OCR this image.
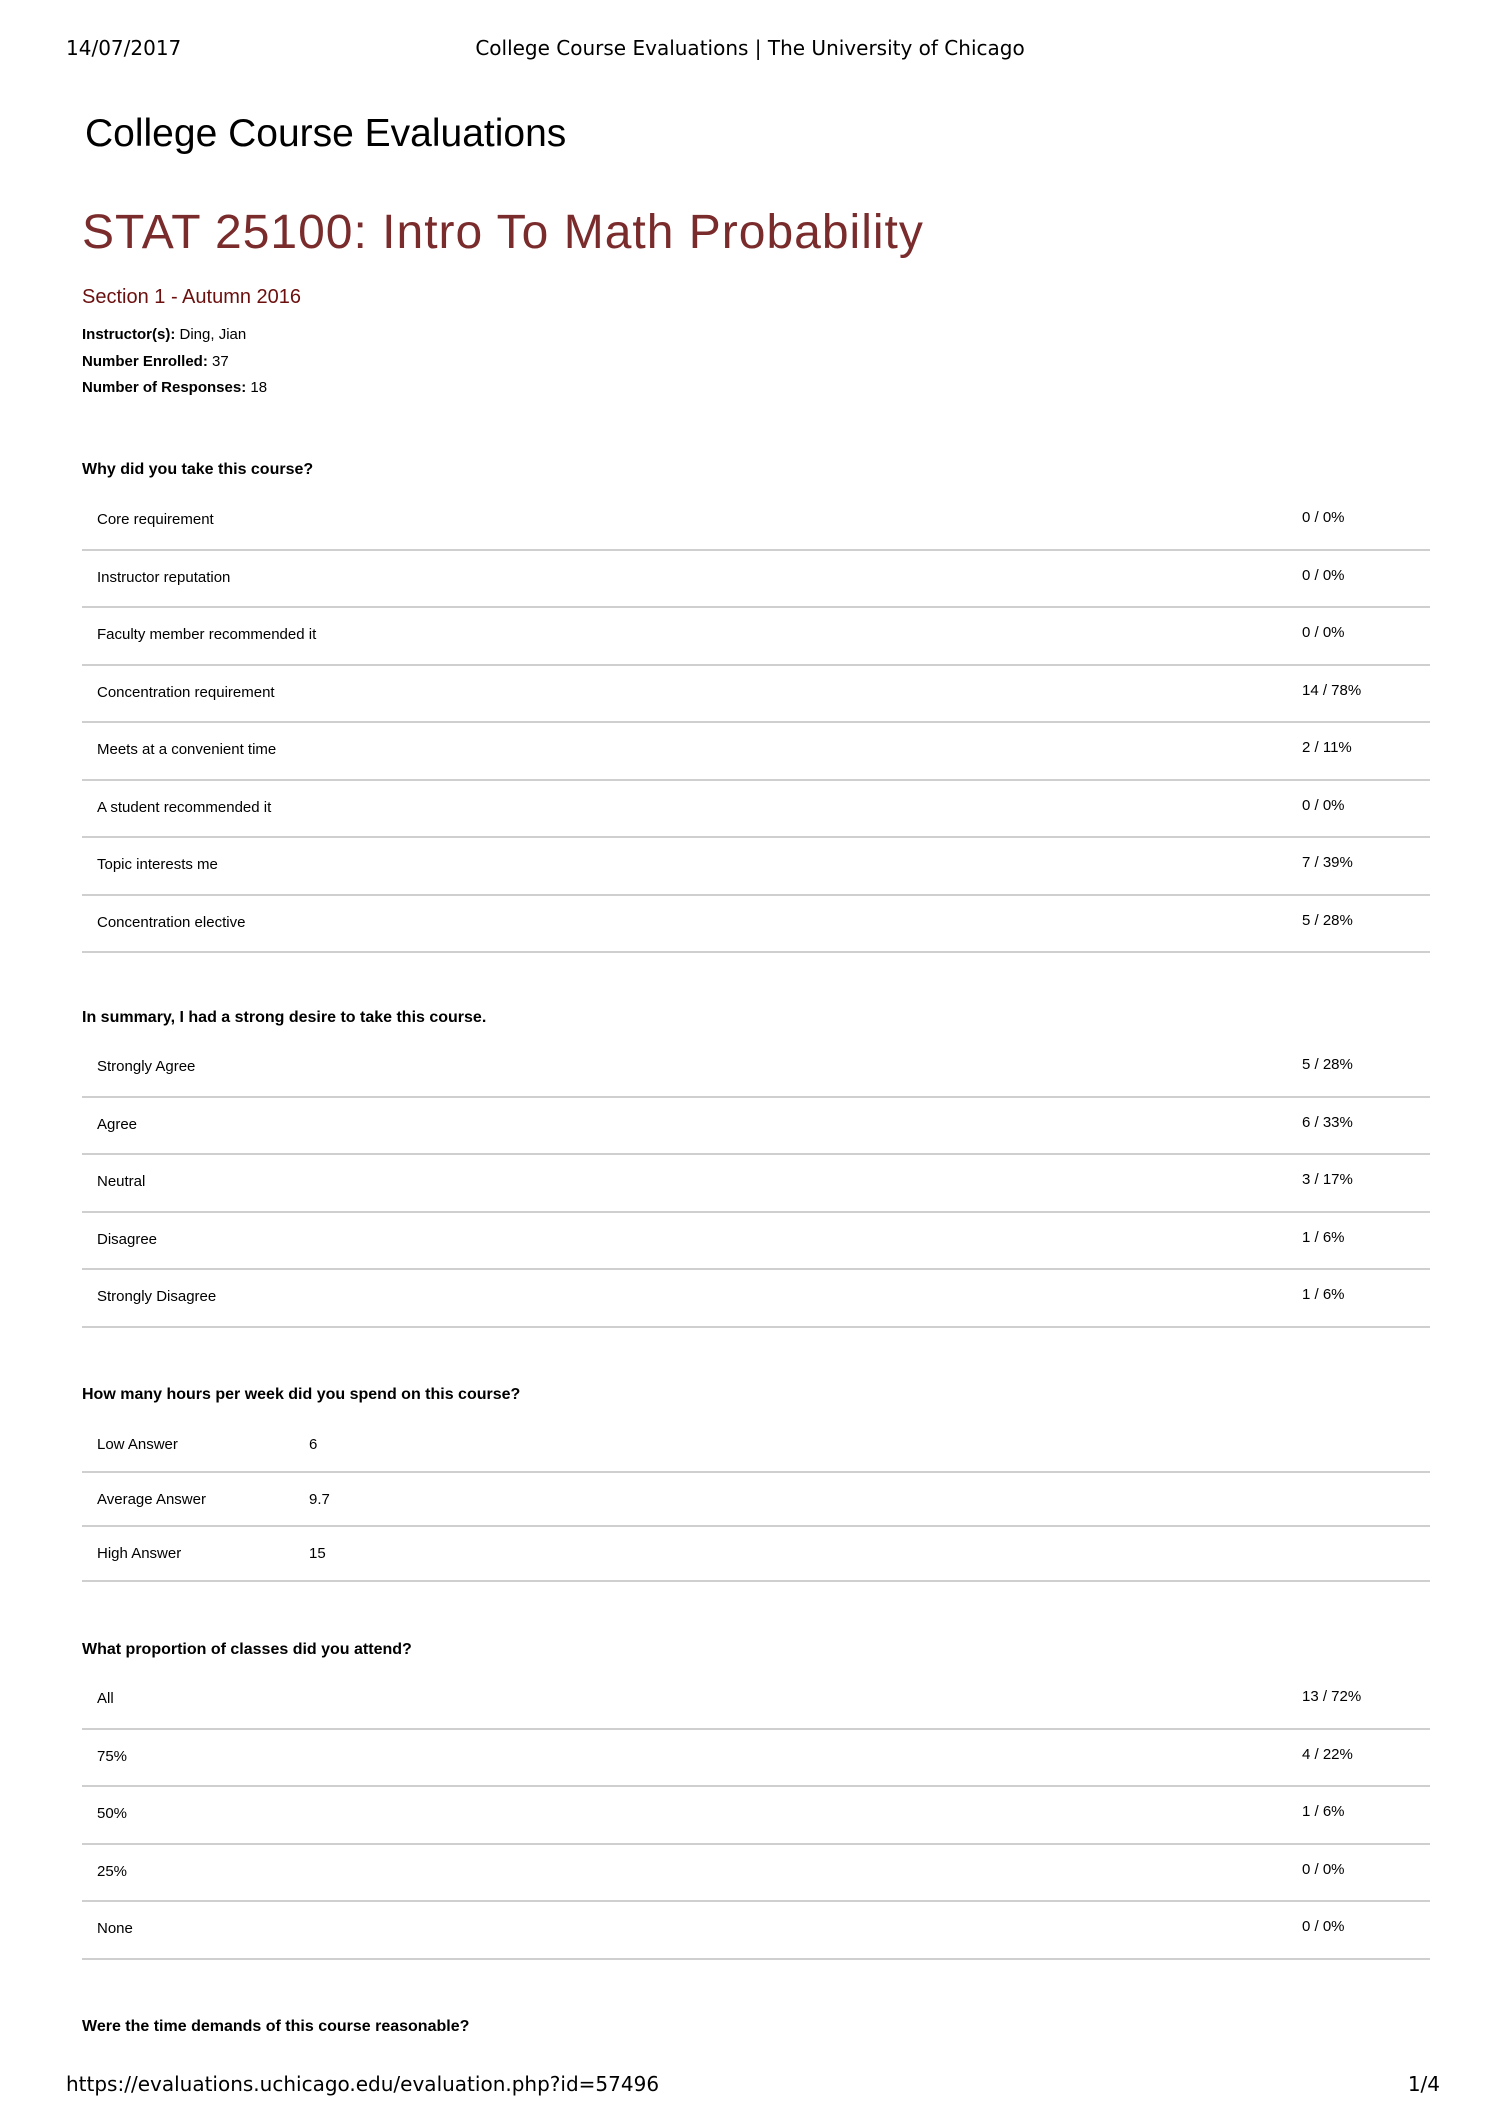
14/07/2017	College Course Evaluations | The University of Chicago
College Course Evaluations
STAT 25100: Intro To Math Probability
Section 1 - Autumn 2016
Instructor(s): Ding, Jian
Number Enrolled: 37
Number of Responses: 18
Why did you take this course?
Core requirement	0 / 0%
Instructor reputation	0 / 0%
Faculty member recommended it	0 / 0%
Concentration requirement	14 / 78%
Meets at a convenient time	2 / 11%
A student recommended it	0 / 0%
Topic interests me	7 / 39%
Concentration elective	5 / 28%
In summary, I had a strong desire to take this course.
Strongly Agree	5 / 28%
Agree	6 / 33%
Neutral	3 / 17%
Disagree	1 / 6%
Strongly Disagree	1 / 6%
How many hours per week did you spend on this course?
Low Answer	6
Average Answer	9.7
High Answer	15
What proportion of classes did you attend?
All	13 / 72%
75%	4 / 22%
50%	1 / 6%
25%	0 / 0%
None	0 / 0%
Were the time demands of this course reasonable?
https://evaluations.uchicago.edu/evaluation.php?id=57496	1/4
